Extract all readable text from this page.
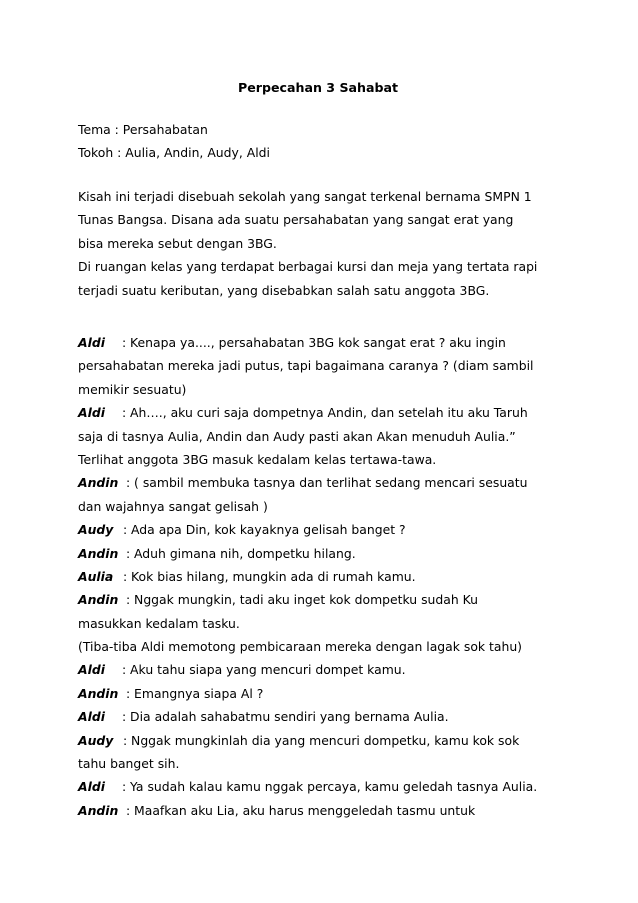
Perpecahan 3 Sahabat
Tema : Persahabatan
Tokoh : Aulia, Andin, Audy, Aldi
Kisah ini terjadi disebuah sekolah yang sangat terkenal bernama SMPN 1
Tunas Bangsa. Disana ada suatu persahabatan yang sangat erat yang
bisa mereka sebut dengan 3BG.
Di ruangan kelas yang terdapat berbagai kursi dan meja yang tertata rapi
terjadi suatu keributan, yang disebabkan salah satu anggota 3BG.
Aldi : Kenapa ya...., persahabatan 3BG kok sangat erat ? aku ingin
persahabatan mereka jadi putus, tapi bagaimana caranya ? (diam sambil
memikir sesuatu)
Aldi : Ah…., aku curi saja dompetnya Andin, dan setelah itu aku Taruh
saja di tasnya Aulia, Andin dan Audy pasti akan Akan menuduh Aulia.”
Terlihat anggota 3BG masuk kedalam kelas tertawa-tawa.
Andin : ( sambil membuka tasnya dan terlihat sedang mencari sesuatu
dan wajahnya sangat gelisah )
Audy : Ada apa Din, kok kayaknya gelisah banget ?
Andin : Aduh gimana nih, dompetku hilang.
Aulia : Kok bias hilang, mungkin ada di rumah kamu.
Andin : Nggak mungkin, tadi aku inget kok dompetku sudah Ku
masukkan kedalam tasku.
(Tiba-tiba Aldi memotong pembicaraan mereka dengan lagak sok tahu)
Aldi : Aku tahu siapa yang mencuri dompet kamu.
Andin : Emangnya siapa Al ?
Aldi : Dia adalah sahabatmu sendiri yang bernama Aulia.
Audy : Nggak mungkinlah dia yang mencuri dompetku, kamu kok sok
tahu banget sih.
Aldi : Ya sudah kalau kamu nggak percaya, kamu geledah tasnya Aulia.
Andin : Maafkan aku Lia, aku harus menggeledah tasmu untuk
